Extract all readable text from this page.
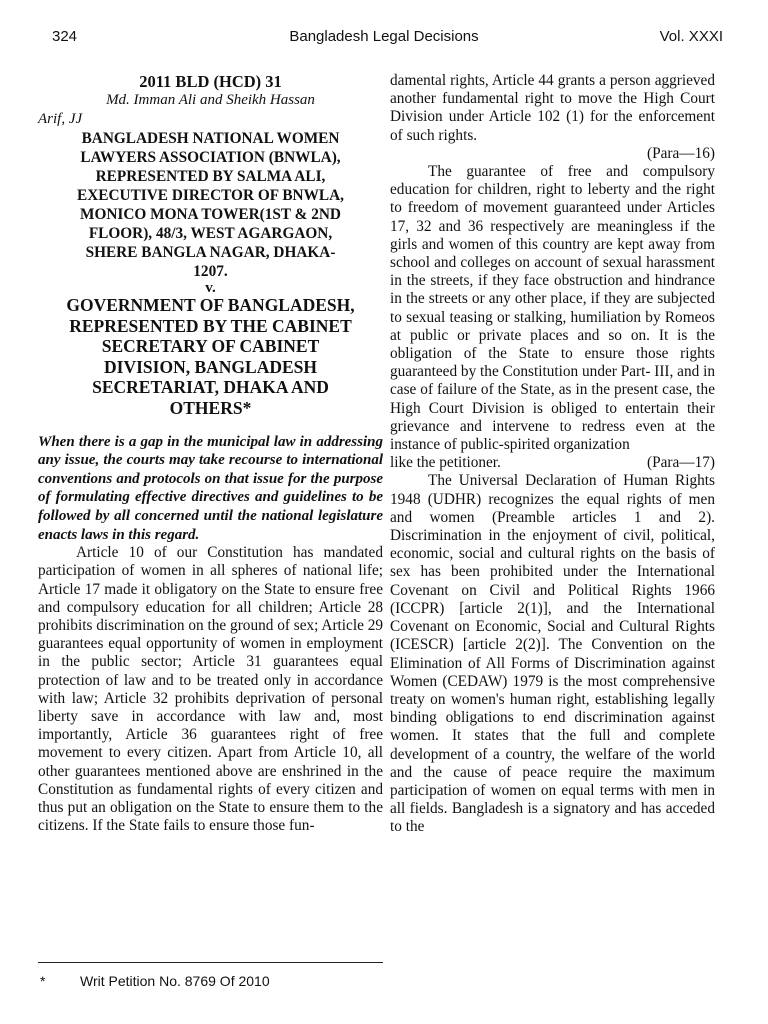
324	Bangladesh Legal Decisions	Vol. XXXI

2011 BLD (HCD) 31

Md. Imman Ali and Sheikh Hassan

Arif, JJ

BANGLADESH NATIONAL WOMEN
LAWYERS ASSOCIATION (BNWLA),
REPRESENTED BY SALMA ALI,
EXECUTIVE DIRECTOR OF BNWLA,
MONICO MONA TOWER(1ST & 2ND
FLOOR), 48/3, WEST AGARGAON,
SHERE BANGLA NAGAR, DHAKA-
1207.
v.
GOVERNMENT OF BANGLADESH,
REPRESENTED BY THE CABINET
SECRETARY OF CABINET
DIVISION, BANGLADESH
SECRETARIAT, DHAKA AND
OTHERS*

When there is a gap in the municipal law in addressing any issue, the courts may take recourse to international conventions and protocols on that issue for the purpose of formulating effective directives and guidelines to be followed by all concerned until the national legislature enacts laws in this regard.

Article 10 of our Constitution has mandated participation of women in all spheres of national life; Article 17 made it obligatory on the State to ensure free and compulsory education for all children; Article 28 prohibits discrimination on the ground of sex; Article 29 guarantees equal opportunity of women in employment in the public sector; Article 31 guarantees equal protection of law and to be treated only in accordance with law; Article 32 prohibits deprivation of personal liberty save in accordance with law and, most importantly, Article 36 guarantees right of free movement to every citizen. Apart from Article 10, all other guarantees mentioned above are enshrined in the Constitution as fundamental rights of every citizen and thus put an obligation on the State to ensure them to the citizens. If the State fails to ensure those fun-

damental rights, Article 44 grants a person aggrieved another fundamental right to move the High Court Division under Article 102 (1) for the enforcement of such rights.

(Para—16)

The guarantee of free and compulsory education for children, right to leberty and the right to freedom of movement guaranteed under Articles 17, 32 and 36 respectively are meaningless if the girls and women of this country are kept away from school and colleges on account of sexual harassment in the streets, if they face obstruction and hindrance in the streets or any other place, if they are subjected to sexual teasing or stalking, humiliation by Romeos at public or private places and so on. It is the obligation of the State to ensure those rights guaranteed by the Constitution under Part- III, and in case of failure of the State, as in the present case, the High Court Division is obliged to entertain their grievance and intervene to redress even at the instance of public-spirited organization

like the petitioner.	(Para—17)

The Universal Declaration of Human Rights 1948 (UDHR) recognizes the equal rights of men and women (Preamble articles 1 and 2). Discrimination in the enjoyment of civil, political, economic, social and cultural rights on the basis of sex has been prohibited under the International Covenant on Civil and Political Rights 1966 (ICCPR) [article 2(1)], and the International Covenant on Economic, Social and Cultural Rights (ICESCR) [article 2(2)]. The Convention on the Elimination of All Forms of Discrimination against Women (CEDAW) 1979 is the most comprehensive treaty on women's human right, establishing legally binding obligations to end discrimination against women. It states that the full and complete development of a country, the welfare of the world and the cause of peace require the maximum participation of women on equal terms with men in all fields. Bangladesh is a signatory and has acceded to the

* Writ Petition No. 8769 Of 2010
